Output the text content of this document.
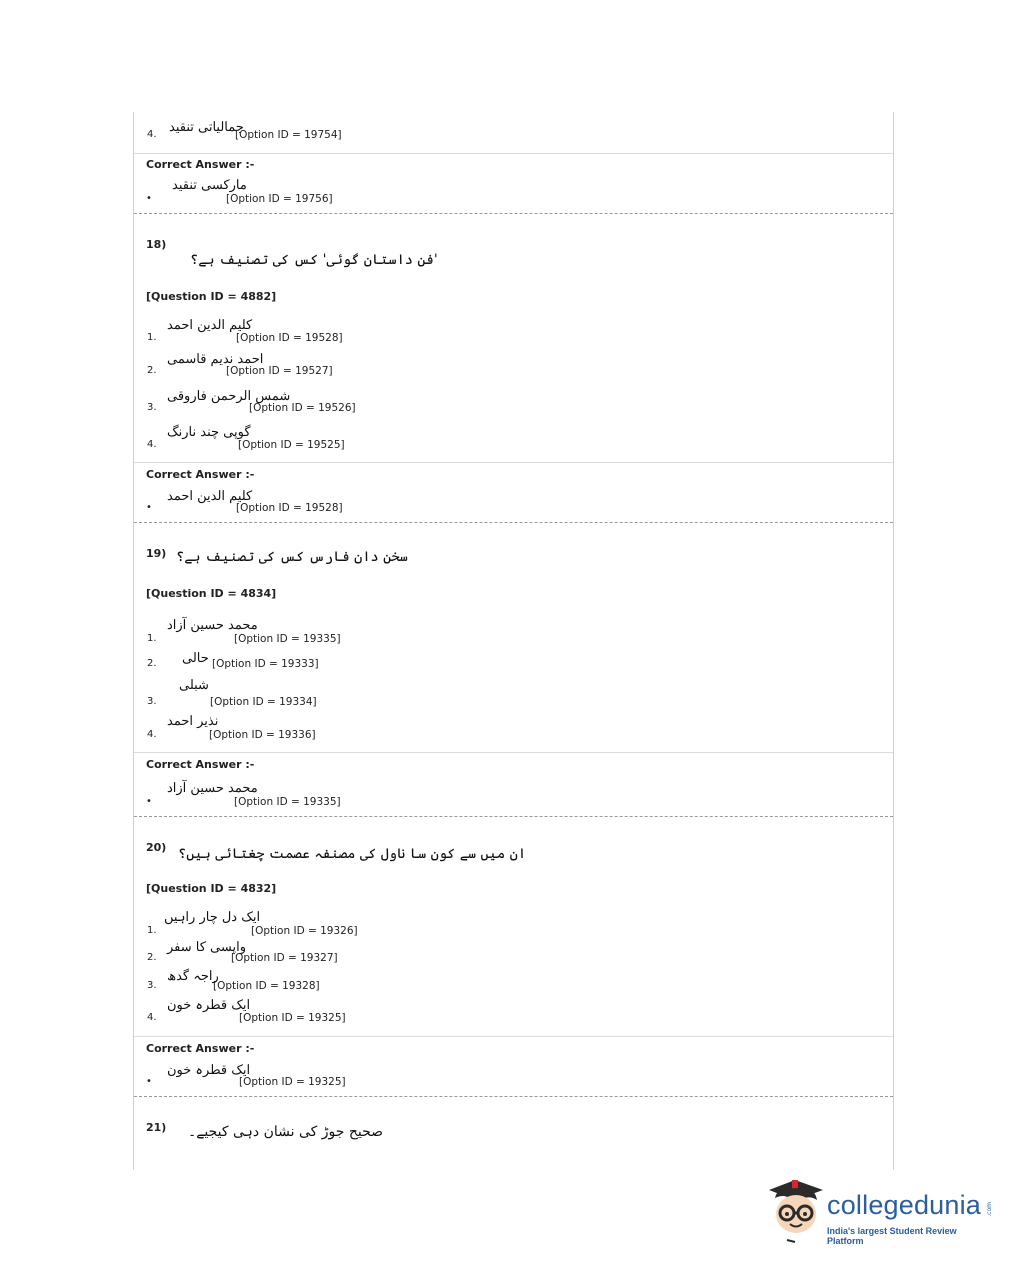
4. جمالیاتی تنقید
[Option ID = 19754]
Correct Answer :-
مارکسی تنقید
•	[Option ID = 19756]
18)
'فن داستان گوئی' کس کی تصنیف ہے؟
[Question ID = 4882]
1.
کلیم الدین احمد
[Option ID = 19528]
2.
احمد ندیم قاسمی
[Option ID = 19527]
3.
شمس الرحمن فاروقی
[Option ID = 19526]
4.
گوپی چند نارنگ
[Option ID = 19525]
Correct Answer :-
کلیم الدین احمد
•	[Option ID = 19528]
19) سخن دان فارس کس کی تصنیف ہے؟
[Question ID = 4834]
1.
محمد حسین آزاد
[Option ID = 19335]
2. حالی [Option ID = 19333]
3.
شبلی
[Option ID = 19334]
4.
نذیر احمد
[Option ID = 19336]
Correct Answer :-
محمد حسین آزاد
•	[Option ID = 19335]
20) ان میں سے کون سا ناول کی مصنفہ عصمت چغتائی ہیں؟
[Question ID = 4832]
1.
ایک دل چار راہیں
[Option ID = 19326]
2.
واپسی کا سفر
[Option ID = 19327]
3.
راجہ گدھ
[Option ID = 19328]
4.
ایک قطرہ خون
[Option ID = 19325]
Correct Answer :-
ایک قطرہ خون
•	[Option ID = 19325]
21) صحیح جوڑ کی نشان دہی کیجیے۔
collegedunia .com
India's largest Student Review Platform
